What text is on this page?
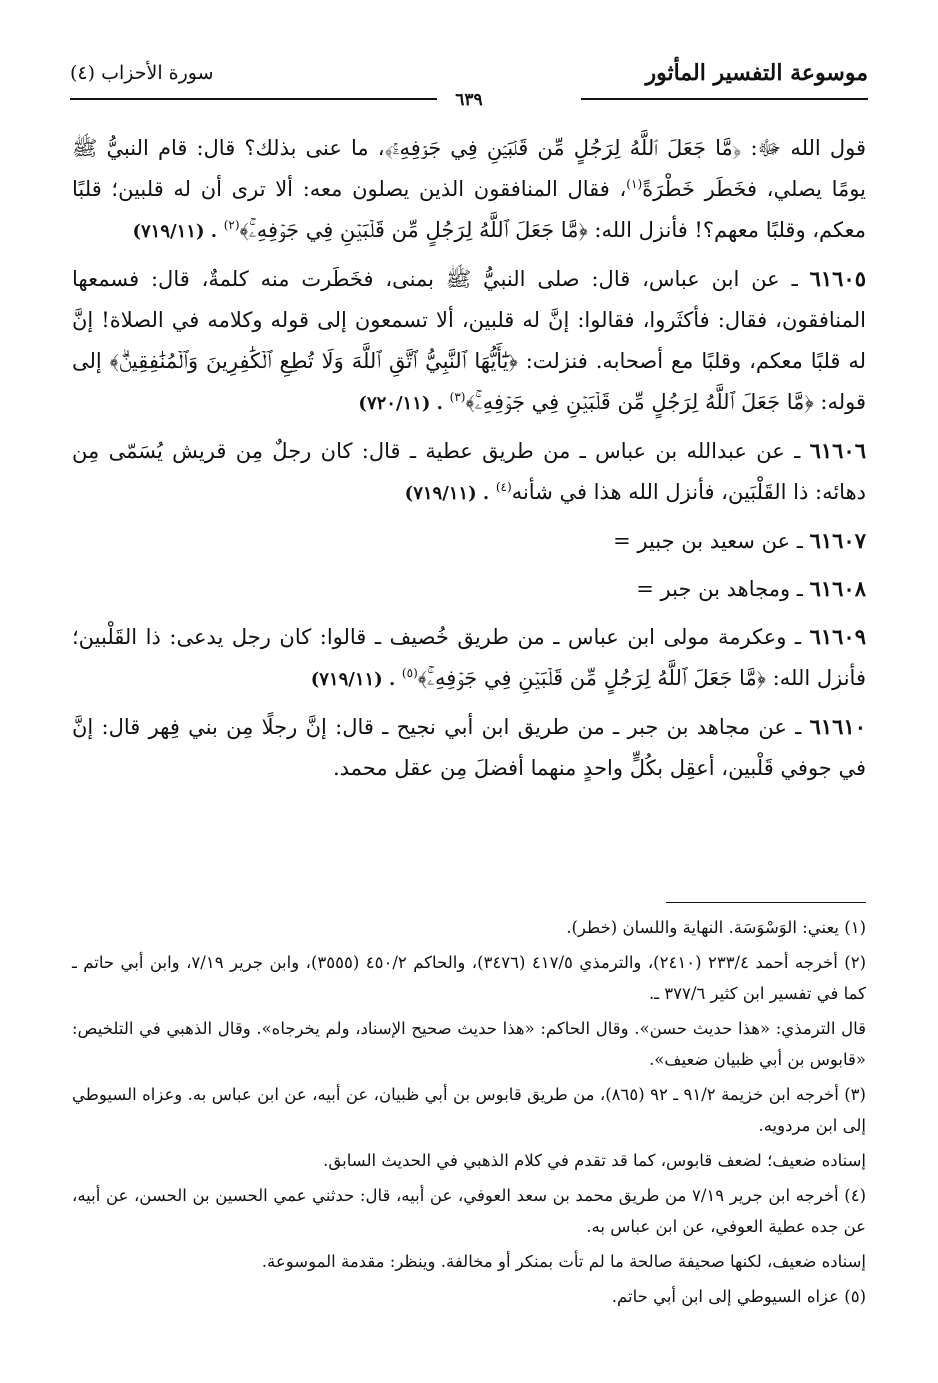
موسوعة التفسير المأثور
سورة الأحزاب (٤)
٦٣٩

قول الله ﷻ: ﴿مَّا جَعَلَ ٱللَّهُ لِرَجُلٍ مِّن قَلۡبَيۡنِ فِي جَوۡفِهِۦۚ﴾، ما عنى بذلك؟ قال: قام النبيُّ ﷺ يومًا يصلي، فخَطَر خَطْرَةً$^{(١)}$، فقال المنافقون الذين يصلون معه: ألا ترى أن له قلبين؛ قلبًا معكم، وقلبًا معهم؟! فأنزل الله: ﴿مَّا جَعَلَ ٱللَّهُ لِرَجُلٍ مِّن قَلۡبَيۡنِ فِي جَوۡفِهِۦۚ﴾$^{(٢)}$ . (٧١٩/١١)

٦١٦٠٥ ـ عن ابن عباس، قال: صلى النبيُّ ﷺ بمنى، فخَطَرت منه كلمةٌ، قال: فسمعها المنافقون، فقال: فأكثَروا، فقالوا: إنَّ له قلبين، ألا تسمعون إلى قوله وكلامه في الصلاة! إنَّ له قلبًا معكم، وقلبًا مع أصحابه. فنزلت: ﴿يَٰٓأَيُّهَا ٱلنَّبِيُّ ٱتَّقِ ٱللَّهَ وَلَا تُطِعِ ٱلۡكَٰفِرِينَ وَٱلۡمُنَٰفِقِينَۗ﴾ إلى قوله: ﴿مَّا جَعَلَ ٱللَّهُ لِرَجُلٍ مِّن قَلۡبَيۡنِ فِي جَوۡفِهِۦۚ﴾$^{(٣)}$ . (٧٢٠/١١)

٦١٦٠٦ ـ عن عبدالله بن عباس ـ من طريق عطية ـ قال: كان رجلٌ مِن قريش يُسَمّى مِن دهائه: ذا القَلْبَين، فأنزل الله هذا في شأنه$^{(٤)}$ . (٧١٩/١١)

٦١٦٠٧ ـ عن سعيد بن جبير =

٦١٦٠٨ ـ ومجاهد بن جبر =

٦١٦٠٩ ـ وعكرمة مولى ابن عباس ـ من طريق خُصيف ـ قالوا: كان رجل يدعى: ذا القَلْبين؛ فأنزل الله: ﴿مَّا جَعَلَ ٱللَّهُ لِرَجُلٍ مِّن قَلۡبَيۡنِ فِي جَوۡفِهِۦۚ﴾$^{(٥)}$ . (٧١٩/١١)

٦١٦١٠ ـ عن مجاهد بن جبر ـ من طريق ابن أبي نجيح ـ قال: إنَّ رجلًا مِن بني فِهر قال: إنَّ في جوفي قَلْبين، أعقِل بكُلٍّ واحدٍ منهما أفضلَ مِن عقل محمد.

(١) يعني: الوَسْوَسَة. النهاية واللسان (خطر).

(٢) أخرجه أحمد ٢٣٣/٤ (٢٤١٠)، والترمذي ٤١٧/٥ (٣٤٧٦)، والحاكم ٤٥٠/٢ (٣٥٥٥)، وابن جرير ٧/١٩، وابن أبي حاتم ـ كما في تفسير ابن كثير ٣٧٧/٦ ـ.

قال الترمذي: «هذا حديث حسن». وقال الحاكم: «هذا حديث صحيح الإسناد، ولم يخرجاه». وقال الذهبي في التلخيص: «قابوس بن أبي ظبيان ضعيف».

(٣) أخرجه ابن خزيمة ٩١/٢ ـ ٩٢ (٨٦٥)، من طريق قابوس بن أبي ظبيان، عن أبيه، عن ابن عباس به. وعزاه السيوطي إلى ابن مردويه.

إسناده ضعيف؛ لضعف قابوس، كما قد تقدم في كلام الذهبي في الحديث السابق.

(٤) أخرجه ابن جرير ٧/١٩ من طريق محمد بن سعد العوفي، عن أبيه، قال: حدثني عمي الحسين بن الحسن، عن أبيه، عن جده عطية العوفي، عن ابن عباس به.

إسناده ضعيف، لكنها صحيفة صالحة ما لم تأت بمنكر أو مخالفة. وينظر: مقدمة الموسوعة.

(٥) عزاه السيوطي إلى ابن أبي حاتم.
